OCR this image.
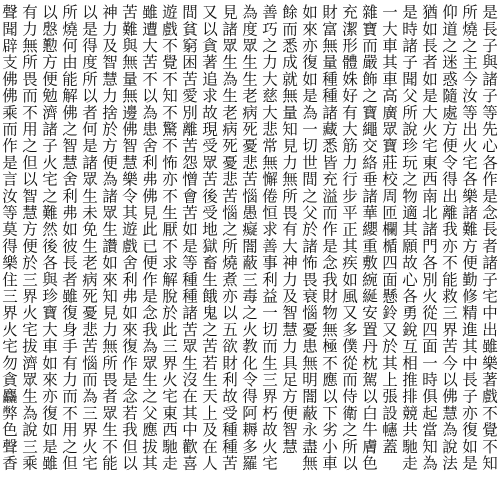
是長子與諸子等先心各作是念長者諸子宅中出雖樂著戲不覺不知
所燒之主今汝等出火宅各樂諸難方便勤修精進其中長子亦復如是
仰道之迷惑隨處方便令得出離我亦不能救三界苦今以佛慧為說法
猶如長者如是大火宅東西南北諸門各別火從四面一時俱起當知為
是時諸子聞父所說珍玩之物適其願故心各勇銳互相推排競共馳走
一大車其車高廣眾寶莊校周匝欄楯四面懸鈴又於其上張設幰蓋
雜寶而嚴飾之寶繩交絡垂諸華纓重敷綩綖安置丹枕駕以白牛膚色
充潔形體姝好有大筋力行步平正其疾如風又多僕從而侍衛之所以
財富無量種種諸藏悉皆充溢而作是念我財物無極不應以下劣小車
如來亦復如是為一切世間之父於諸怖畏衰惱憂患無明闇蔽永盡無
餘而悉成就無量知見力無所畏有大神力及智慧力具足方便智慧
善巧之力大慈大悲常無懈倦恒求善事利益一切而生三界朽故火宅
為度眾生生老病死憂悲苦惱愚癡闇蔽三毒之火教化令得阿耨多羅
見諸眾生為生老病死憂悲苦惱之所燒煮亦以五欲財利故受種種苦
又以貪著追求故現受眾苦後受地獄畜生餓鬼之苦若生天上及在人
間貧窮困苦愛別離苦怨憎會苦如是等種種諸苦眾生沒在其中歡喜
遊戲不覺不知不驚不怖亦不生厭不求解脫於此三界火宅東西馳走
雖遭大苦不以為患舍利弗佛見此已便作是念我為眾生之父應拔其
苦難與無量無邊佛智慧樂令其遊戲舍利弗如來復作是念若我但以
神力及智慧力捨於方便為諸眾生讚如來知見力無所畏者眾生不能
以是得度所以者何是諸眾生未免生老病死憂悲苦惱而為三界火宅
所燒何由能解佛之智慧舍利弗如彼長者雖復身手有力而不用之但
以慇懃方便勉濟諸子火宅之難然後各與珍寶大車如來亦復如是雖
有力無所畏而不用之但以智慧方便於三界火宅拔濟眾生為說三乘
聲聞辟支佛佛乘而作是言汝等莫得樂住三界火宅勿貪麤弊色聲香
